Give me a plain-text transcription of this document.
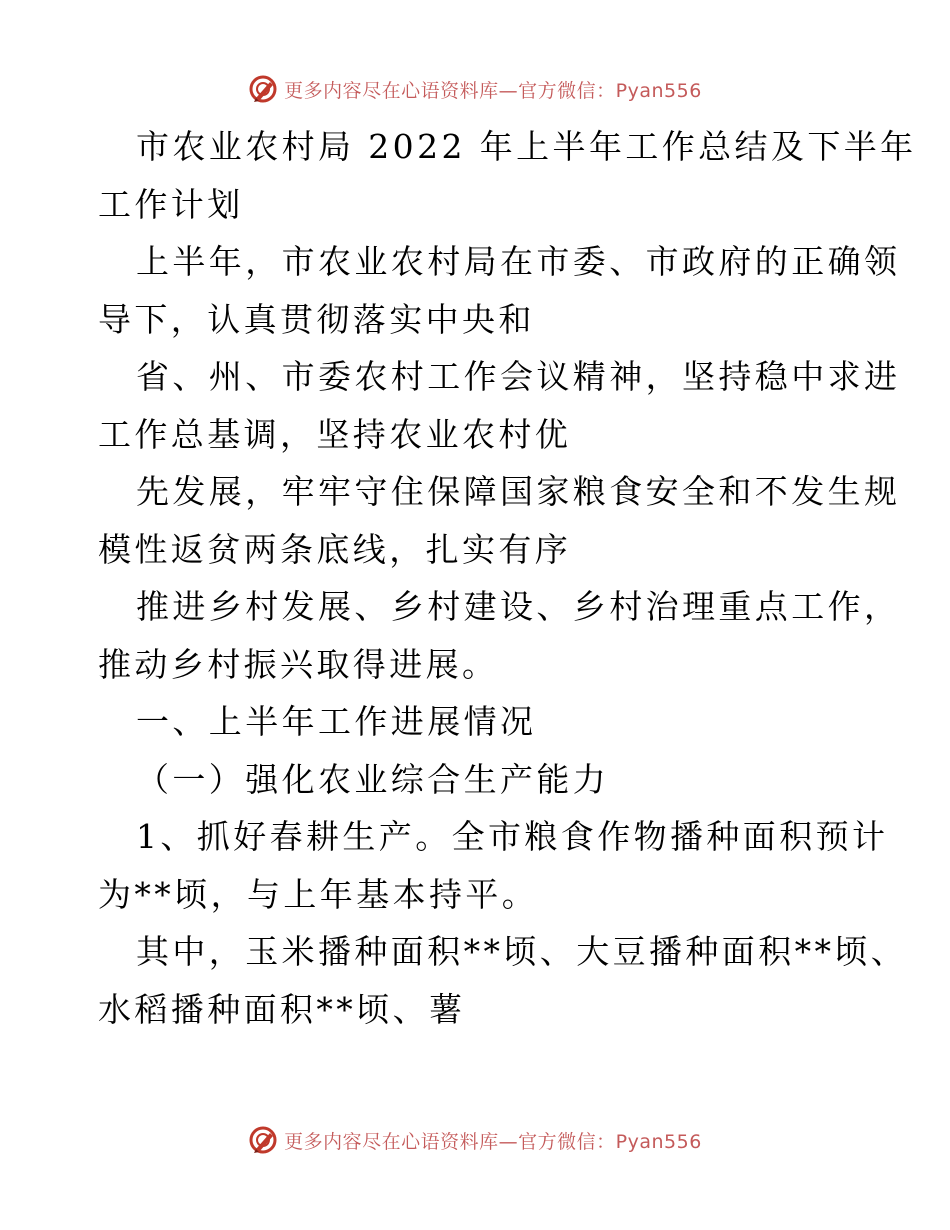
更多内容尽在心语资料库—官方微信：Pyan556
市农业农村局 2022 年上半年工作总结及下半年
工作计划
上半年，市农业农村局在市委、市政府的正确领
导下，认真贯彻落实中央和
省、州、市委农村工作会议精神，坚持稳中求进
工作总基调，坚持农业农村优
先发展，牢牢守住保障国家粮食安全和不发生规
模性返贫两条底线，扎实有序
推进乡村发展、乡村建设、乡村治理重点工作，
推动乡村振兴取得进展。
一、上半年工作进展情况
（一）强化农业综合生产能力
1、抓好春耕生产。全市粮食作物播种面积预计
为**顷，与上年基本持平。
其中，玉米播种面积**顷、大豆播种面积**顷、
水稻播种面积**顷、薯
更多内容尽在心语资料库—官方微信：Pyan556
